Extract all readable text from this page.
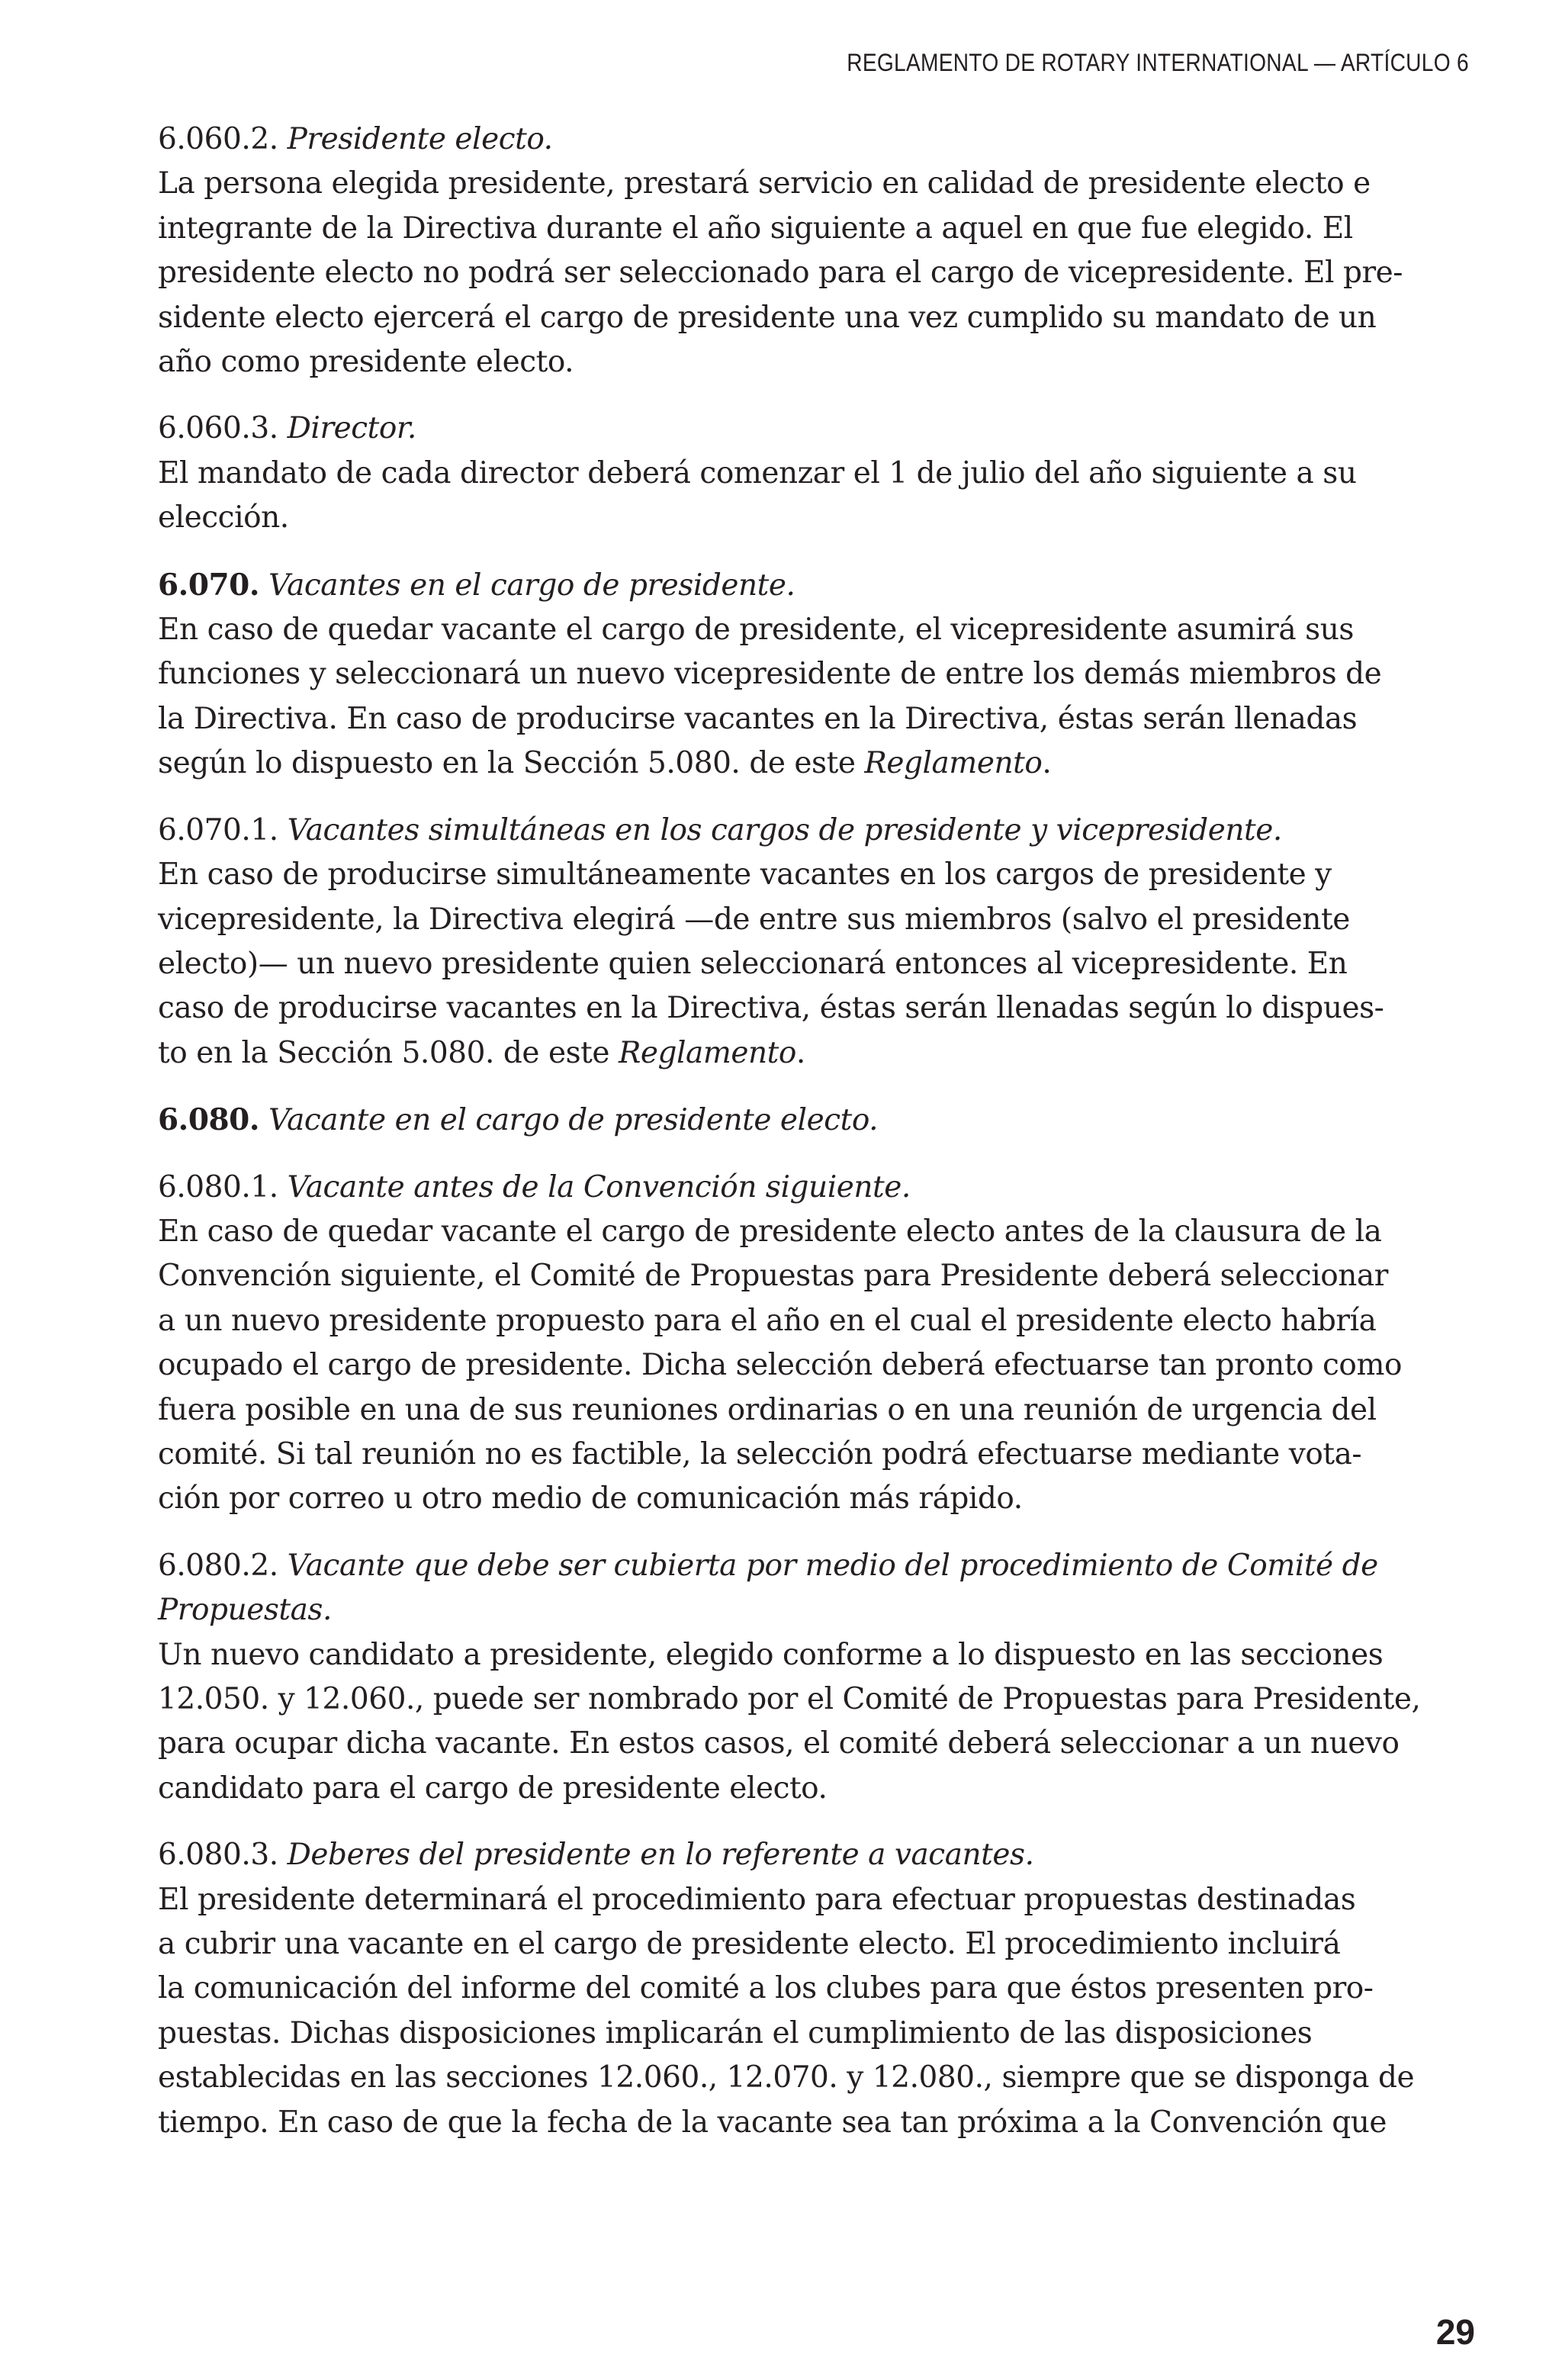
REGLAMENTO DE ROTARY INTERNATIONAL — ARTÍCULO 6
6.060.2. Presidente electo.
La persona elegida presidente, prestará servicio en calidad de presidente electo e
integrante de la Directiva durante el año siguiente a aquel en que fue elegido. El
presidente electo no podrá ser seleccionado para el cargo de vicepresidente. El pre-
sidente electo ejercerá el cargo de presidente una vez cumplido su mandato de un
año como presidente electo.
6.060.3. Director.
El mandato de cada director deberá comenzar el 1 de julio del año siguiente a su
elección.
6.070. Vacantes en el cargo de presidente.
En caso de quedar vacante el cargo de presidente, el vicepresidente asumirá sus
funciones y seleccionará un nuevo vicepresidente de entre los demás miembros de
la Directiva. En caso de producirse vacantes en la Directiva, éstas serán llenadas
según lo dispuesto en la Sección 5.080. de este Reglamento.
6.070.1. Vacantes simultáneas en los cargos de presidente y vicepresidente.
En caso de producirse simultáneamente vacantes en los cargos de presidente y
vicepresidente, la Directiva elegirá —de entre sus miembros (salvo el presidente
electo)— un nuevo presidente quien seleccionará entonces al vicepresidente. En
caso de producirse vacantes en la Directiva, éstas serán llenadas según lo dispues-
to en la Sección 5.080. de este Reglamento.
6.080. Vacante en el cargo de presidente electo.
6.080.1. Vacante antes de la Convención siguiente.
En caso de quedar vacante el cargo de presidente electo antes de la clausura de la
Convención siguiente, el Comité de Propuestas para Presidente deberá seleccionar
a un nuevo presidente propuesto para el año en el cual el presidente electo habría
ocupado el cargo de presidente. Dicha selección deberá efectuarse tan pronto como
fuera posible en una de sus reuniones ordinarias o en una reunión de urgencia del
comité. Si tal reunión no es factible, la selección podrá efectuarse mediante vota-
ción por correo u otro medio de comunicación más rápido.
6.080.2. Vacante que debe ser cubierta por medio del procedimiento de Comité de
Propuestas.
Un nuevo candidato a presidente, elegido conforme a lo dispuesto en las secciones
12.050. y 12.060., puede ser nombrado por el Comité de Propuestas para Presidente,
para ocupar dicha vacante. En estos casos, el comité deberá seleccionar a un nuevo
candidato para el cargo de presidente electo.
6.080.3. Deberes del presidente en lo referente a vacantes.
El presidente determinará el procedimiento para efectuar propuestas destinadas
a cubrir una vacante en el cargo de presidente electo. El procedimiento incluirá
la comunicación del informe del comité a los clubes para que éstos presenten pro-
puestas. Dichas disposiciones implicarán el cumplimiento de las disposiciones
establecidas en las secciones 12.060., 12.070. y 12.080., siempre que se disponga de
tiempo. En caso de que la fecha de la vacante sea tan próxima a la Convención que
29
